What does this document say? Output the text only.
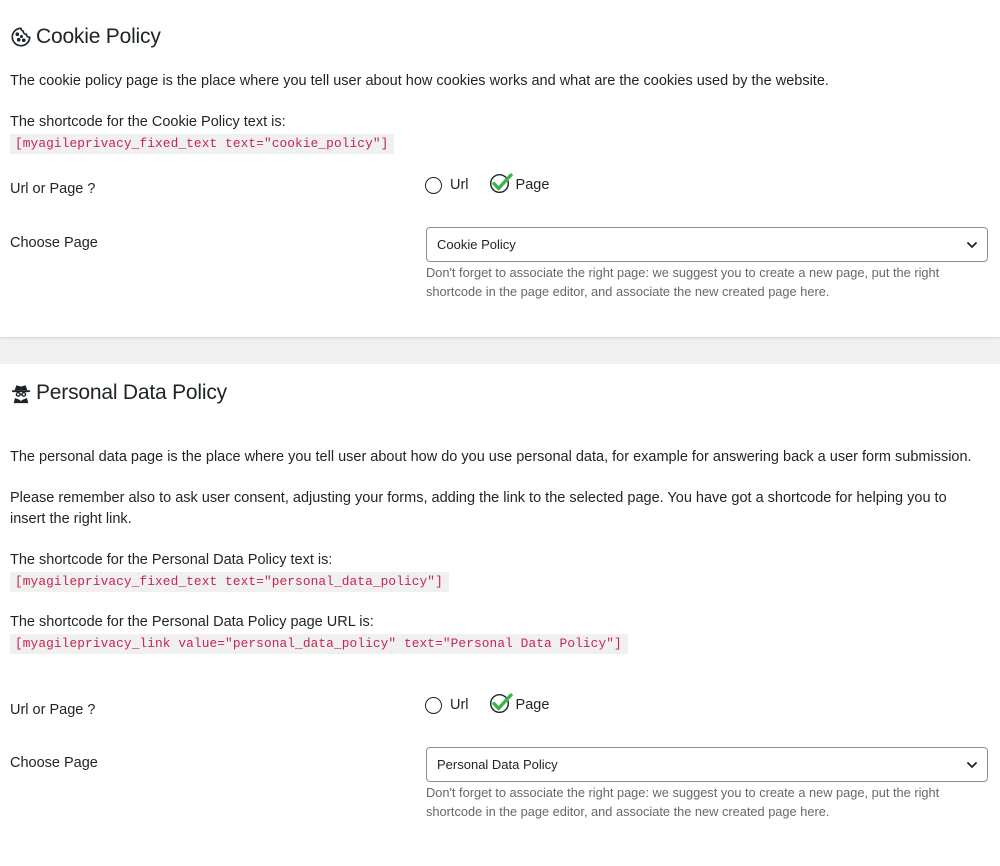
Cookie Policy
The cookie policy page is the place where you tell user about how cookies works and what are the cookies used by the website.
The shortcode for the Cookie Policy text is:
[myagileprivacy_fixed_text text="cookie_policy"]
Url or Page ?	Url	Page
Choose Page	Cookie Policy
Don't forget to associate the right page: we suggest you to create a new page, put the right shortcode in the page editor, and associate the new created page here.
Personal Data Policy
The personal data page is the place where you tell user about how do you use personal data, for example for answering back a user form submission.
Please remember also to ask user consent, adjusting your forms, adding the link to the selected page. You have got a shortcode for helping you to insert the right link.
The shortcode for the Personal Data Policy text is:
[myagileprivacy_fixed_text text="personal_data_policy"]
The shortcode for the Personal Data Policy page URL is:
[myagileprivacy_link value="personal_data_policy" text="Personal Data Policy"]
Url or Page ?	Url	Page
Choose Page	Personal Data Policy
Don't forget to associate the right page: we suggest you to create a new page, put the right shortcode in the page editor, and associate the new created page here.
